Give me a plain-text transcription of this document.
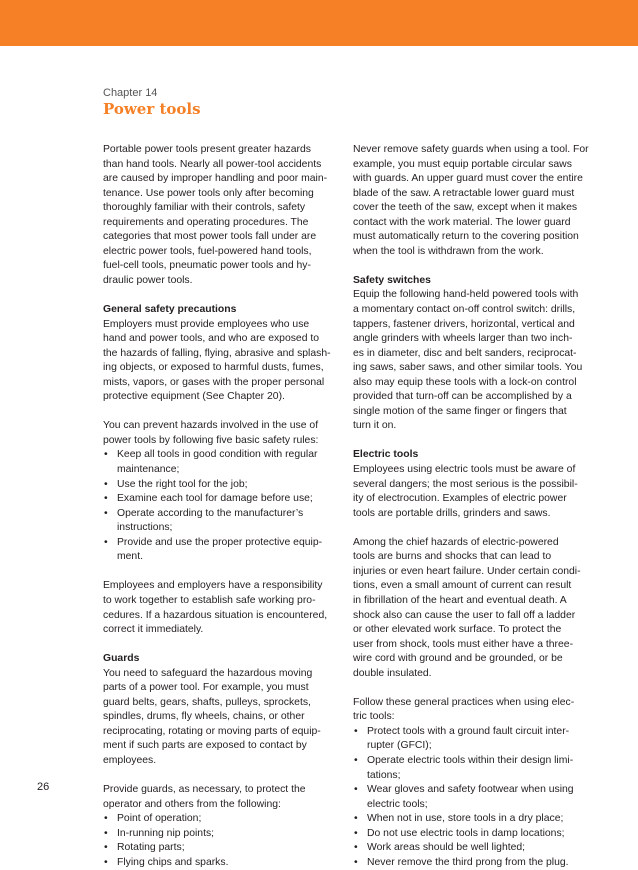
Chapter 14
Power tools

Portable power tools present greater hazards
than hand tools. Nearly all power-tool accidents
are caused by improper handling and poor main-
tenance. Use power tools only after becoming
thoroughly familiar with their controls, safety
requirements and operating procedures. The
categories that most power tools fall under are
electric power tools, fuel-powered hand tools,
fuel-cell tools, pneumatic power tools and hy-
draulic power tools.

General safety precautions

Employers must provide employees who use
hand and power tools, and who are exposed to
the hazards of falling, flying, abrasive and splash-
ing objects, or exposed to harmful dusts, fumes,
mists, vapors, or gases with the proper personal
protective equipment (See Chapter 20).

You can prevent hazards involved in the use of
power tools by following five basic safety rules:

• Keep all tools in good condition with regular
maintenance;
• Use the right tool for the job;
• Examine each tool for damage before use;
• Operate according to the manufacturer’s
instructions;
• Provide and use the proper protective equip-
ment.

Employees and employers have a responsibility
to work together to establish safe working pro-
cedures. If a hazardous situation is encountered,
correct it immediately.

Guards

You need to safeguard the hazardous moving
parts of a power tool. For example, you must
guard belts, gears, shafts, pulleys, sprockets,
spindles, drums, fly wheels, chains, or other
reciprocating, rotating or moving parts of equip-
ment if such parts are exposed to contact by
employees.

Provide guards, as necessary, to protect the
operator and others from the following:

• Point of operation;
• In-running nip points;
• Rotating parts;
• Flying chips and sparks.

Never remove safety guards when using a tool. For
example, you must equip portable circular saws
with guards. An upper guard must cover the entire
blade of the saw. A retractable lower guard must
cover the teeth of the saw, except when it makes
contact with the work material. The lower guard
must automatically return to the covering position
when the tool is withdrawn from the work.

Safety switches

Equip the following hand-held powered tools with
a momentary contact on-off control switch: drills,
tappers, fastener drivers, horizontal, vertical and
angle grinders with wheels larger than two inch-
es in diameter, disc and belt sanders, reciprocat-
ing saws, saber saws, and other similar tools. You
also may equip these tools with a lock-on control
provided that turn-off can be accomplished by a
single motion of the same finger or fingers that
turn it on.

Electric tools

Employees using electric tools must be aware of
several dangers; the most serious is the possibil-
ity of electrocution. Examples of electric power
tools are portable drills, grinders and saws.

Among the chief hazards of electric-powered
tools are burns and shocks that can lead to
injuries or even heart failure. Under certain condi-
tions, even a small amount of current can result
in fibrillation of the heart and eventual death. A
shock also can cause the user to fall off a ladder
or other elevated work surface. To protect the
user from shock, tools must either have a three-
wire cord with ground and be grounded, or be
double insulated.

Follow these general practices when using elec-
tric tools:

• Protect tools with a ground fault circuit inter-
rupter (GFCI);
• Operate electric tools within their design limi-
tations;
• Wear gloves and safety footwear when using
electric tools;
• When not in use, store tools in a dry place;
• Do not use electric tools in damp locations;
• Work areas should be well lighted;
• Never remove the third prong from the plug.
26
